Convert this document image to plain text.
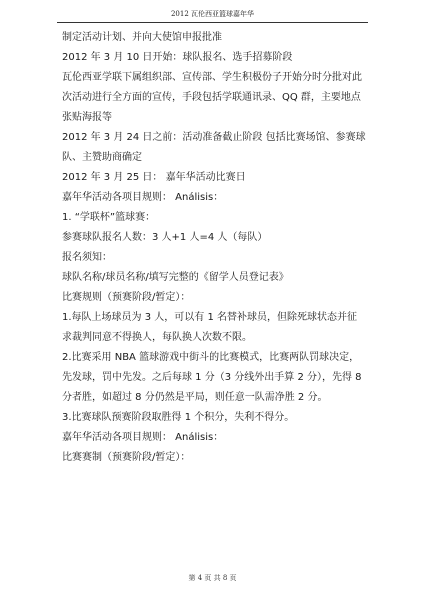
2012 瓦伦西亚篮球嘉年华

制定活动计划、并向大使馆申报批准

2012 年 3 月 10 日开始：球队报名、选手招募阶段

瓦伦西亚学联下属组织部、宣传部、学生积极份子开始分时分批对此次活动进行全方面的宣传，手段包括学联通讯录、QQ 群，主要地点张贴海报等

2012 年 3 月 24 日之前：活动准备截止阶段 包括比赛场馆、参赛球队、主赞助商确定

2012 年 3 月 25 日： 嘉年华活动比赛日

嘉年华活动各项目规则： Análisis：

1. “学联杯”篮球赛：

参赛球队报名人数：3 人+1 人=4 人（每队）

报名须知：

球队名称/球员名称/填写完整的《留学人员登记表》

比赛规则（预赛阶段/暂定）：

1.每队上场球员为 3 人，可以有 1 名替补球员，但除死球状态并征求裁判同意不得换人，每队换人次数不限。

2.比赛采用 NBA 篮球游戏中街斗的比赛模式，比赛两队罚球决定，先发球，罚中先发。之后每球 1 分（3 分线外出手算 2 分），先得 8 分者胜，如超过 8 分仍然是平局，则任意一队需净胜 2 分。

3.比赛球队预赛阶段取胜得 1 个积分，失利不得分。

嘉年华活动各项目规则： Análisis：

比赛赛制（预赛阶段/暂定）：

第 4 页 共 8 页
